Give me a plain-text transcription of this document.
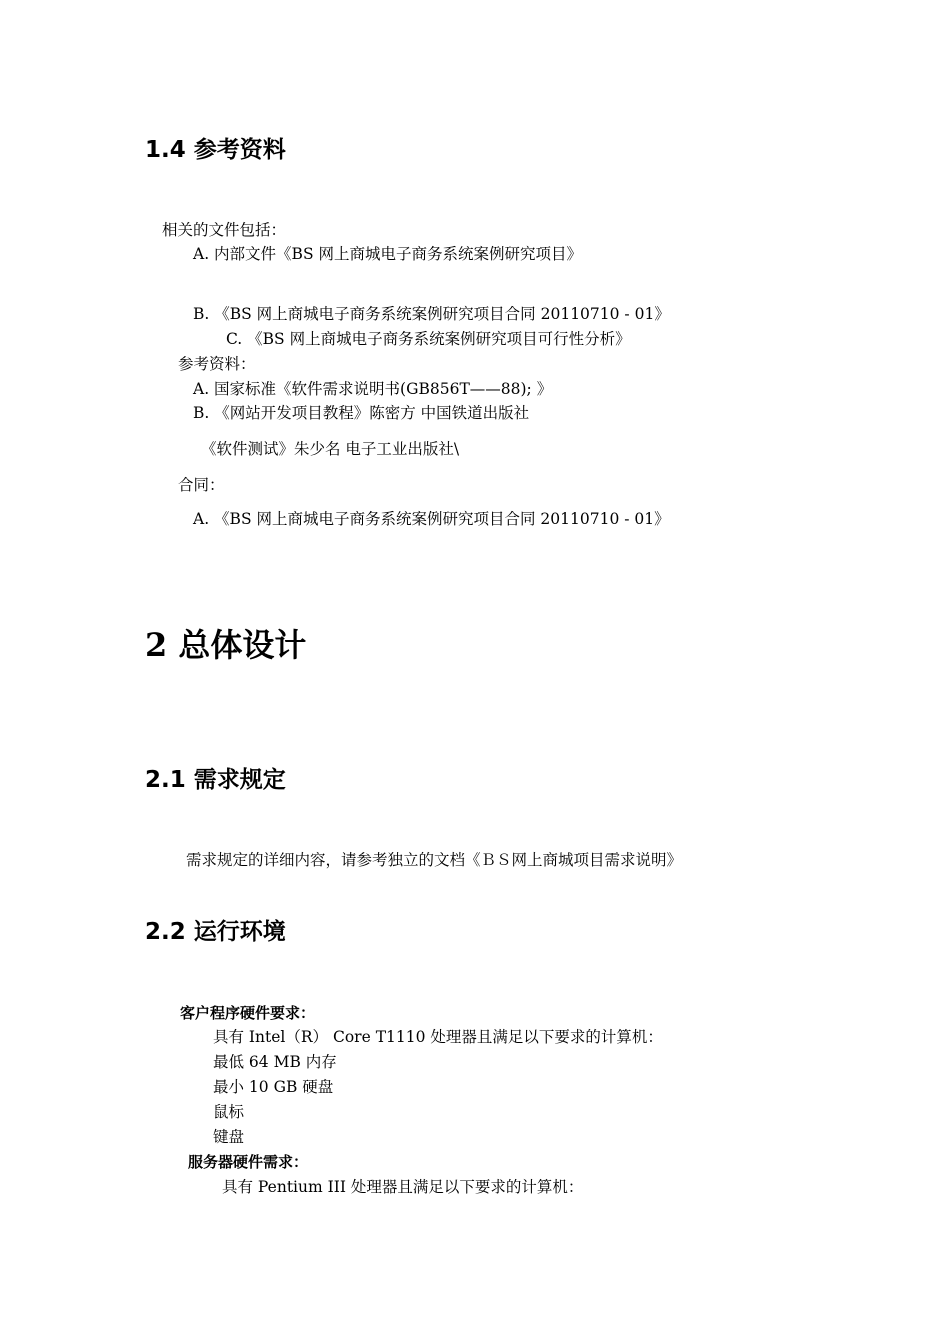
1.4 参考资料
相关的文件包括：
A. 内部文件《BS 网上商城电子商务系统案例研究项目》
B. 《BS 网上商城电子商务系统案例研究项目合同 20110710 - 01》
C. 《BS 网上商城电子商务系统案例研究项目可行性分析》
参考资料：
A. 国家标准《软件需求说明书(GB856T——88); 》
B. 《网站开发项目教程》陈密方 中国铁道出版社
《软件测试》朱少名 电子工业出版社\
合同：
A. 《BS 网上商城电子商务系统案例研究项目合同 20110710 - 01》
2 总体设计
2.1 需求规定
需求规定的详细内容，请参考独立的文档《ＢＳ网上商城项目需求说明》
2.2 运行环境
客户程序硬件要求：
具有 Intel（R） Core T1110 处理器且满足以下要求的计算机：
最低 64 MB 内存
最小 10 GB 硬盘
鼠标
键盘
服务器硬件需求：
具有 Pentium III 处理器且满足以下要求的计算机：
